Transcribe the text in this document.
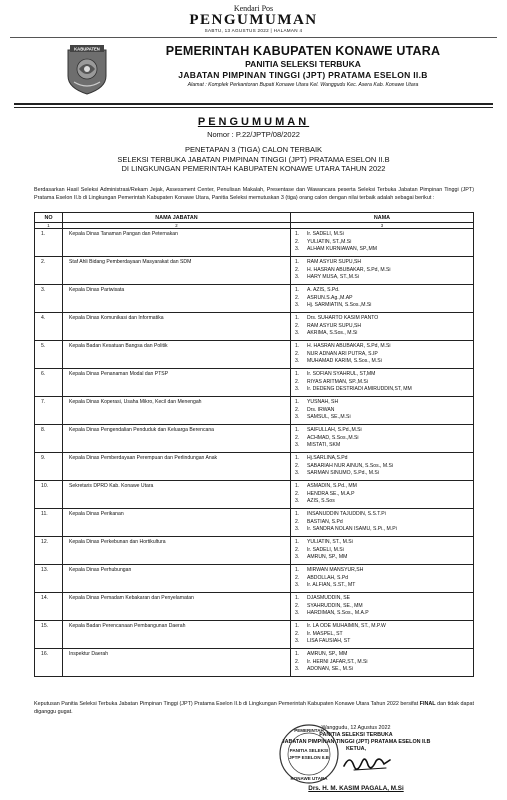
Kendari Pos
PENGUMUMAN
SABTU, 13 AGUSTUS 2022 | HALAMAN 4
KABUPATEN	PEMERINTAH KABUPATEN KONAWE UTARA
PANITIA SELEKSI TERBUKA
JABATAN PIMPINAN TINGGI (JPT) PRATAMA ESELON II.B
Alamat : Komplek Perkantoran Bupati Konawe Utara Kel. Wanggudu Kec. Asera Kab. Konawe Utara
PENGUMUMAN
Nomor : P.22/JPTP/08/2022
PENETAPAN 3 (TIGA) CALON TERBAIK
SELEKSI TERBUKA JABATAN PIMPINAN TINGGI (JPT) PRATAMA ESELON II.B
DI LINGKUNGAN PEMERINTAH KABUPATEN KONAWE UTARA TAHUN 2022

Berdasarkan Hasil Seleksi Administrasi/Rekam Jejak, Assessment Center, Penulisan Makalah, Presentase dan Wawancara peserta Seleksi Terbuka Jabatan Pimpinan Tinggi (JPT) Pratama Eselon II.b di Lingkungan Pemerintah Kabupaten Konawe Utara, Panitia Seleksi memutuskan 3 (tiga) orang calon dengan nilai terbaik adalah sebagai berikut :

NO	NAMA JABATAN	NAMA
1	2	3
1.	Kepala Dinas Tanaman Pangan dan Peternakan	1. Ir. SADELI, M.Si
2. YULIATIN, ST.,M.Si
3. ALHAM KURNIAWAN, SP.,MM

2.	Staf Ahli Bidang Pemberdayaan Masyarakat dan SDM	1. RAM ASYUR SUPU,SH
2. H. HASRAN ABUBAKAR, S.Pd, M.Si
3. HARY MUSA, ST.,M.Si

3.	Kepala Dinas Pariwisata	1. A. AZIS, S.Pd.
2. ASRUN.S.Ag.,M.AP
3. Hj. SARMIATIN, S.Sos.,M.Si

4.	Kepala Dinas Komunikasi dan Informatika	1. Drs. SUHARTO KASIM PANTO
2. RAM ASYUR SUPU,SH
3. AKRIMA, S.Sos., M.Si

5.	Kepala Badan Kesatuan Bangsa dan Politik	1. H. HASRAN ABUBAKAR, S.Pd, M.Si
2. NUR ADNAN ARI PUTRA, S.IP
3. MUHAMAD KARIM, S.Sos., M.Si

6.	Kepala Dinas Penanaman Modal dan PTSP	1. Ir. SOFIAN SYAHRUL, ST,MM
2. RIYAS ARITMAN, SP.,M.Si
3. Ir. DEDENG DESTRIADI AMIRUDDIN,ST, MM

7.	Kepala Dinas Koperasi, Usaha Mikro, Kecil dan Menengah	1. YUSNAH, SH
2. Drs. IRWAN
3. SAMSUL, SE.,M.Si

8.	Kepala Dinas Pengendalian Penduduk dan Keluarga Berencana	1. SAIFULLAH, S.Pd.,M.Si
2. ACHMAD, S.Sos.,M.Si
3. MISTATI, SKM

9.	Kepala Dinas Pemberdayaan Perempuan dan Perlindungan Anak	1. Hj.SARLINA,S.Pd
2. SABARIAH NUR AINUN, S.Sos., M.Si
3. SARMAN SINUMO, S.Pd., M.Si

10.	Sekretaris DPRD Kab. Konawe Utara	1. ASMADIN, S.Pd., MM
2. HENDRA SE., M.A.P
3. AZIS, S.Sos

11.	Kepala Dinas Perikanan	1. INSANUDDIN TAJUDDIN, S.S.T.Pi
2. BASTIAN, S.Pd
3. Ir. SANDRA NOLAN ISAMU, S.Pi., M.Pi

12.	Kepala Dinas Perkebunan dan Hortikultura	1. YULIATIN, ST., M.Si
2. Ir. SADELI, M.Si
3. AMRUN, SP., MM

13.	Kepala Dinas Perhubungan	1. MIRWAN MANSYUR,SH
2. ABDOLLAH, S.Pd
3. Ir. ALFIAN, S.ST., MT

14.	Kepala Dinas Pemadam Kebakaran dan Penyelamatan	1. DJASMUDDIN, SE
2. SYAHRUDDIN, SE., MM
3. HARDIMAN, S.Sos., M.A.P

15.	Kepala Badan Perencanaan Pembangunan Daerah	1. Ir. LA ODE MUHAIMIN, ST., M.P.W
2. Ir. MASPEL, ST
3. LISA FAUSIAH, ST

16.	Inspektur Daerah	1. AMRUN, SP., MM
2. Ir. HERNI JAFAR,ST., M.Si
3. ADONAN, SE., M.Si

Keputusan Panitia Seleksi Terbuka Jabatan Pimpinan Tinggi (JPT) Pratama Eselon II.b di Lingkungan Pemerintah Kabupaten Konawe Utara Tahun 2022 bersifat FINAL dan tidak dapat diganggu gugat.

Wanggudu, 12 Agustus 2022
PANITIA SELEKSI TERBUKA
JABATAN PIMPINAN TINGGI (JPT) PRATAMA ESELON II.B
KETUA,
PEMERINTAH
PANITIA SELEKSI
JPTP ESELON II.B
KONAWE UTARA
Drs. H. M. KASIM PAGALA, M.Si
